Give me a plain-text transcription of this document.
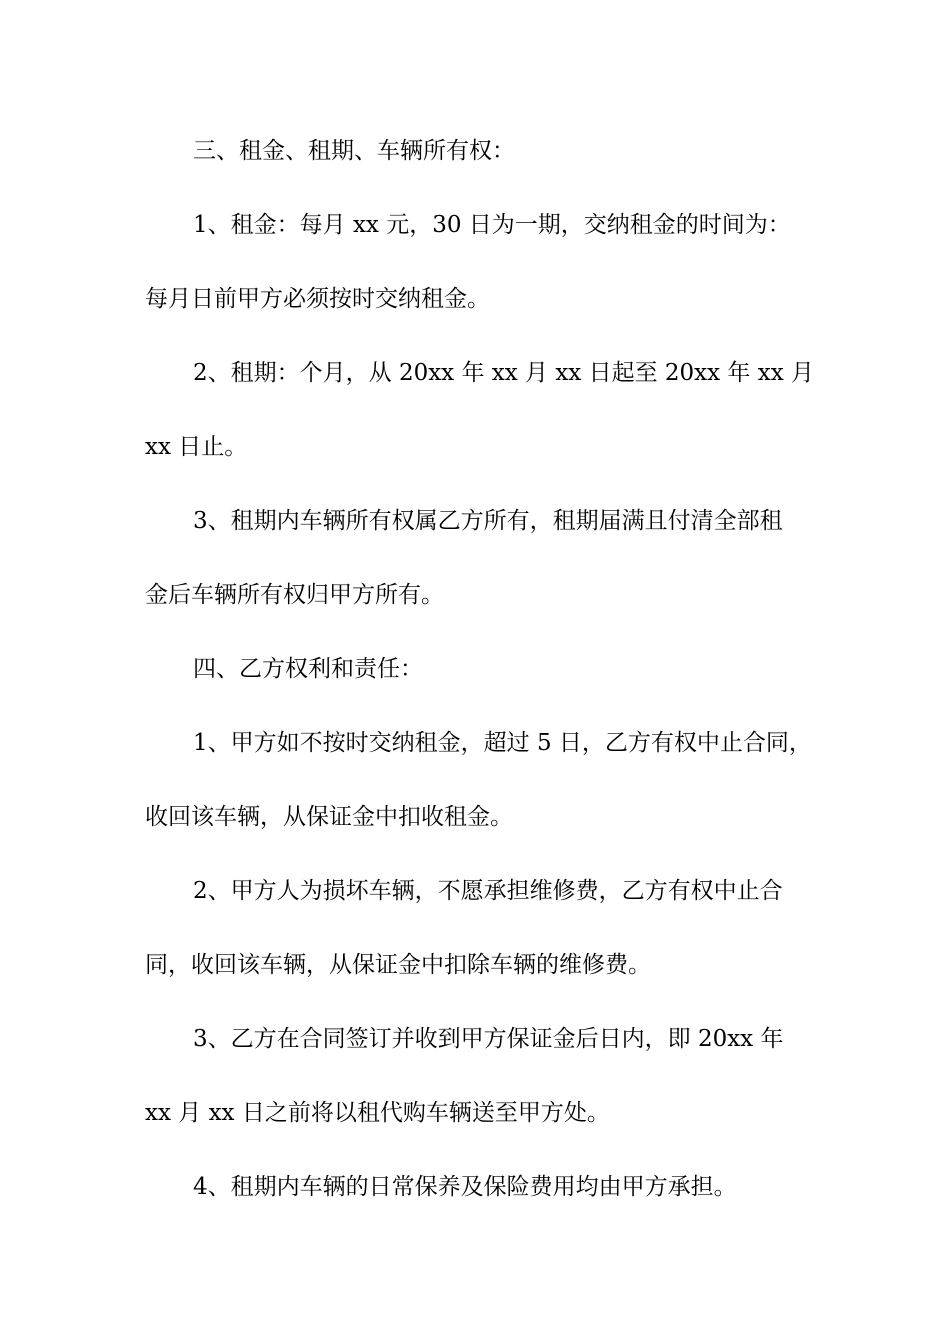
三、租金、租期、车辆所有权：
1、租金：每月 xx 元，30 日为一期，交纳租金的时间为：
每月日前甲方必须按时交纳租金。
2、租期：个月，从 20xx 年 xx 月 xx 日起至 20xx 年 xx 月
xx 日止。
3、租期内车辆所有权属乙方所有，租期届满且付清全部租
金后车辆所有权归甲方所有。
四、乙方权利和责任：
1、甲方如不按时交纳租金，超过 5 日，乙方有权中止合同，
收回该车辆，从保证金中扣收租金。
2、甲方人为损坏车辆，不愿承担维修费，乙方有权中止合
同，收回该车辆，从保证金中扣除车辆的维修费。
3、乙方在合同签订并收到甲方保证金后日内，即 20xx 年
xx 月 xx 日之前将以租代购车辆送至甲方处。
4、租期内车辆的日常保养及保险费用均由甲方承担。
